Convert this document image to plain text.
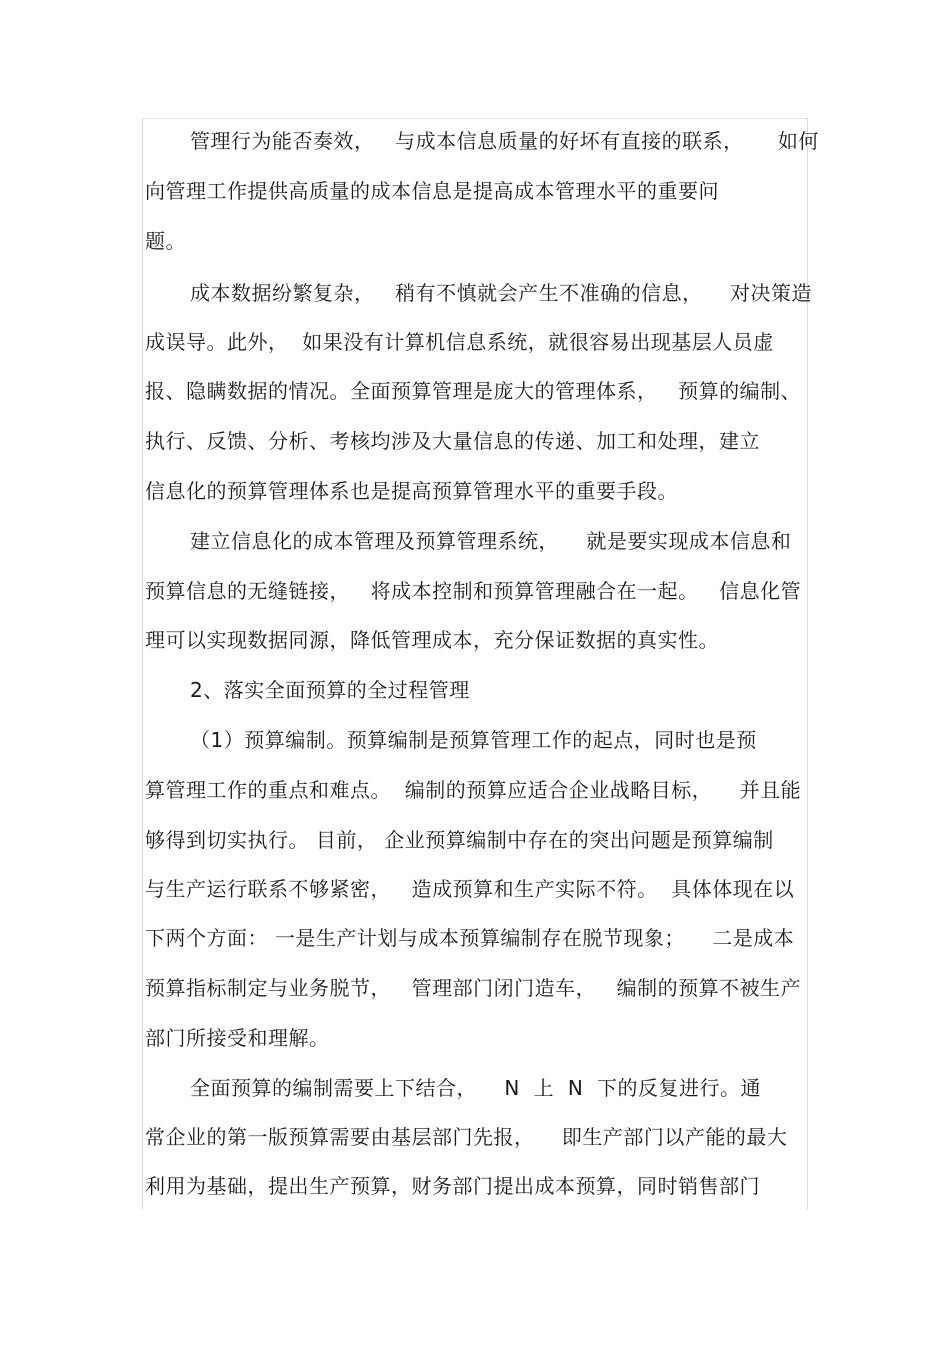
管理行为能否奏效，   与成本信息质量的好坏有直接的联系，     如何
向管理工作提供高质量的成本信息是提高成本管理水平的重要问
题。
成本数据纷繁复杂，   稍有不慎就会产生不准确的信息，    对决策造
成误导。此外，  如果没有计算机信息系统，就很容易出现基层人员虚
报、隐瞒数据的情况。全面预算管理是庞大的管理体系，   预算的编制、
执行、反馈、分析、考核均涉及大量信息的传递、加工和处理，建立
信息化的预算管理体系也是提高预算管理水平的重要手段。
建立信息化的成本管理及预算管理系统，    就是要实现成本信息和
预算信息的无缝链接，   将成本控制和预算管理融合在一起。   信息化管
理可以实现数据同源，降低管理成本，充分保证数据的真实性。
2、落实全面预算的全过程管理
（1）预算编制。预算编制是预算管理工作的起点，同时也是预
算管理工作的重点和难点。  编制的预算应适合企业战略目标，    并且能
够得到切实执行。 目前， 企业预算编制中存在的突出问题是预算编制
与生产运行联系不够紧密，   造成预算和生产实际不符。  具体体现在以
下两个方面： 一是生产计划与成本预算编制存在脱节现象；    二是成本
预算指标制定与业务脱节，   管理部门闭门造车，   编制的预算不被生产
部门所接受和理解。
全面预算的编制需要上下结合，    N  上  N  下的反复进行。通
常企业的第一版预算需要由基层部门先报，    即生产部门以产能的最大
利用为基础，提出生产预算，财务部门提出成本预算，同时销售部门
